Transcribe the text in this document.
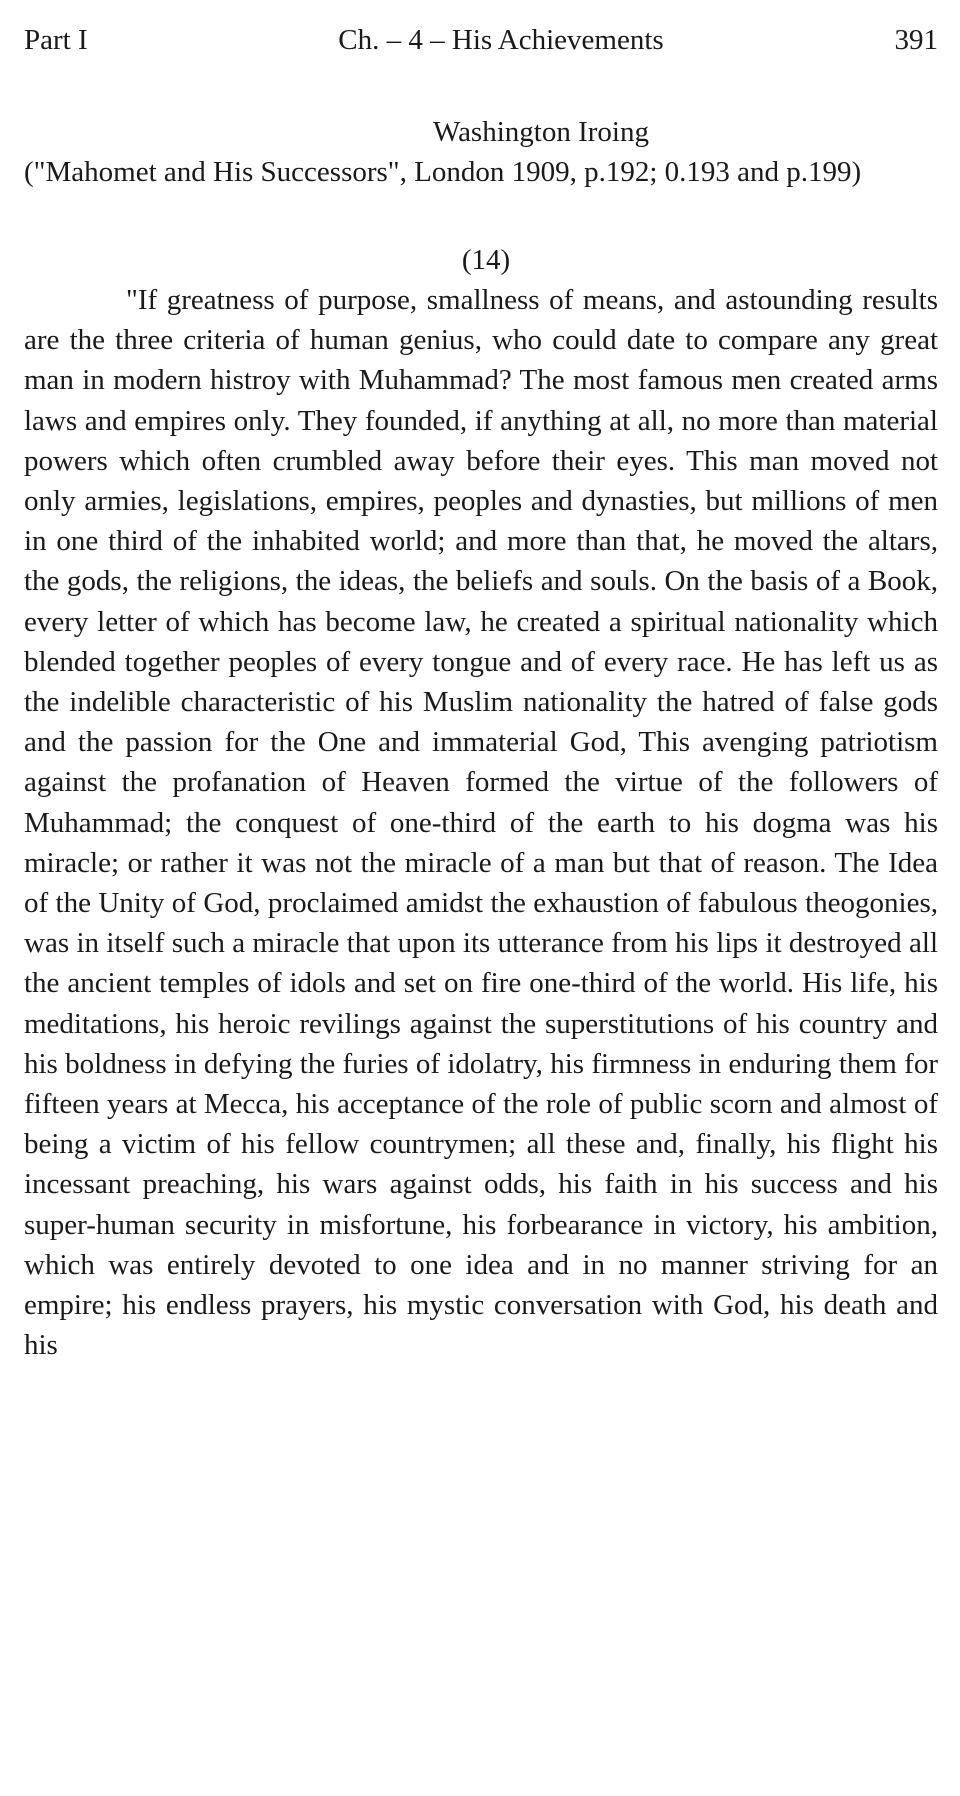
Part I	Ch. – 4 – His Achievements	391
Washington Iroing
("Mahomet and His Successors", London 1909, p.192; 0.193 and p.199)
(14)

"If greatness of purpose, smallness of means, and astounding results are the three criteria of human genius, who could date to compare any great man in modern histroy with Muhammad? The most famous men created arms laws and empires only. They founded, if anything at all, no more than material powers which often crumbled away before their eyes. This man moved not only armies, legislations, empires, peoples and dynasties, but millions of men in one third of the inhabited world; and more than that, he moved the altars, the gods, the religions, the ideas, the beliefs and souls. On the basis of a Book, every letter of which has become law, he created a spiritual nationality which blended together peoples of every tongue and of every race. He has left us as the indelible characteristic of his Muslim nationality the hatred of false gods and the passion for the One and immaterial God, This avenging patriotism against the profanation of Heaven formed the virtue of the followers of Muhammad; the conquest of one-third of the earth to his dogma was his miracle; or rather it was not the miracle of a man but that of reason. The Idea of the Unity of God, proclaimed amidst the exhaustion of fabulous theogonies, was in itself such a miracle that upon its utterance from his lips it destroyed all the ancient temples of idols and set on fire one-third of the world. His life, his meditations, his heroic revilings against the superstitutions of his country and his boldness in defying the furies of idolatry, his firmness in enduring them for fifteen years at Mecca, his acceptance of the role of public scorn and almost of being a victim of his fellow countrymen; all these and, finally, his flight his incessant preaching, his wars against odds, his faith in his success and his super-human security in misfortune, his forbearance in victory, his ambition, which was entirely devoted to one idea and in no manner striving for an empire; his endless prayers, his mystic conversation with God, his death and his
